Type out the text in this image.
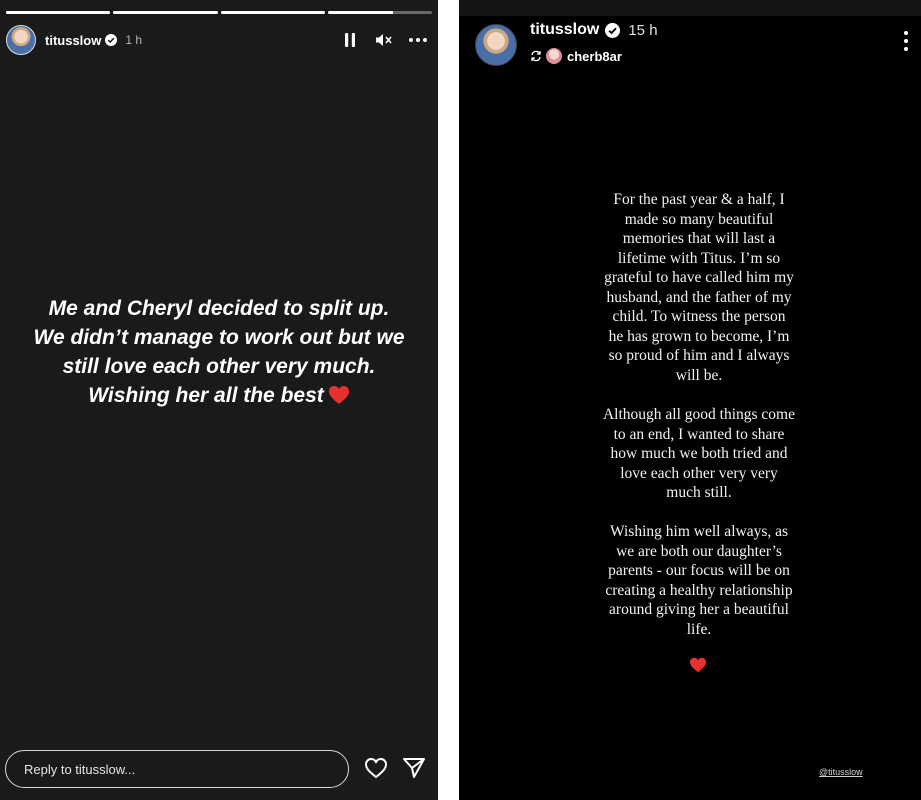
titusslow 1 h
Me and Cheryl decided to split up.
We didn’t manage to work out but we
still love each other very much.
Wishing her all the best
Reply to titusslow...
titusslow 15 h
cherb8ar
For the past year & a half, I
made so many beautiful
memories that will last a
lifetime with Titus. I’m so
grateful to have called him my
husband, and the father of my
child. To witness the person
he has grown to become, I’m
so proud of him and I always
will be.
Although all good things come
to an end, I wanted to share
how much we both tried and
love each other very very
much still.
Wishing him well always, as
we are both our daughter’s
parents - our focus will be on
creating a healthy relationship
around giving her a beautiful
life.
@titusslow
